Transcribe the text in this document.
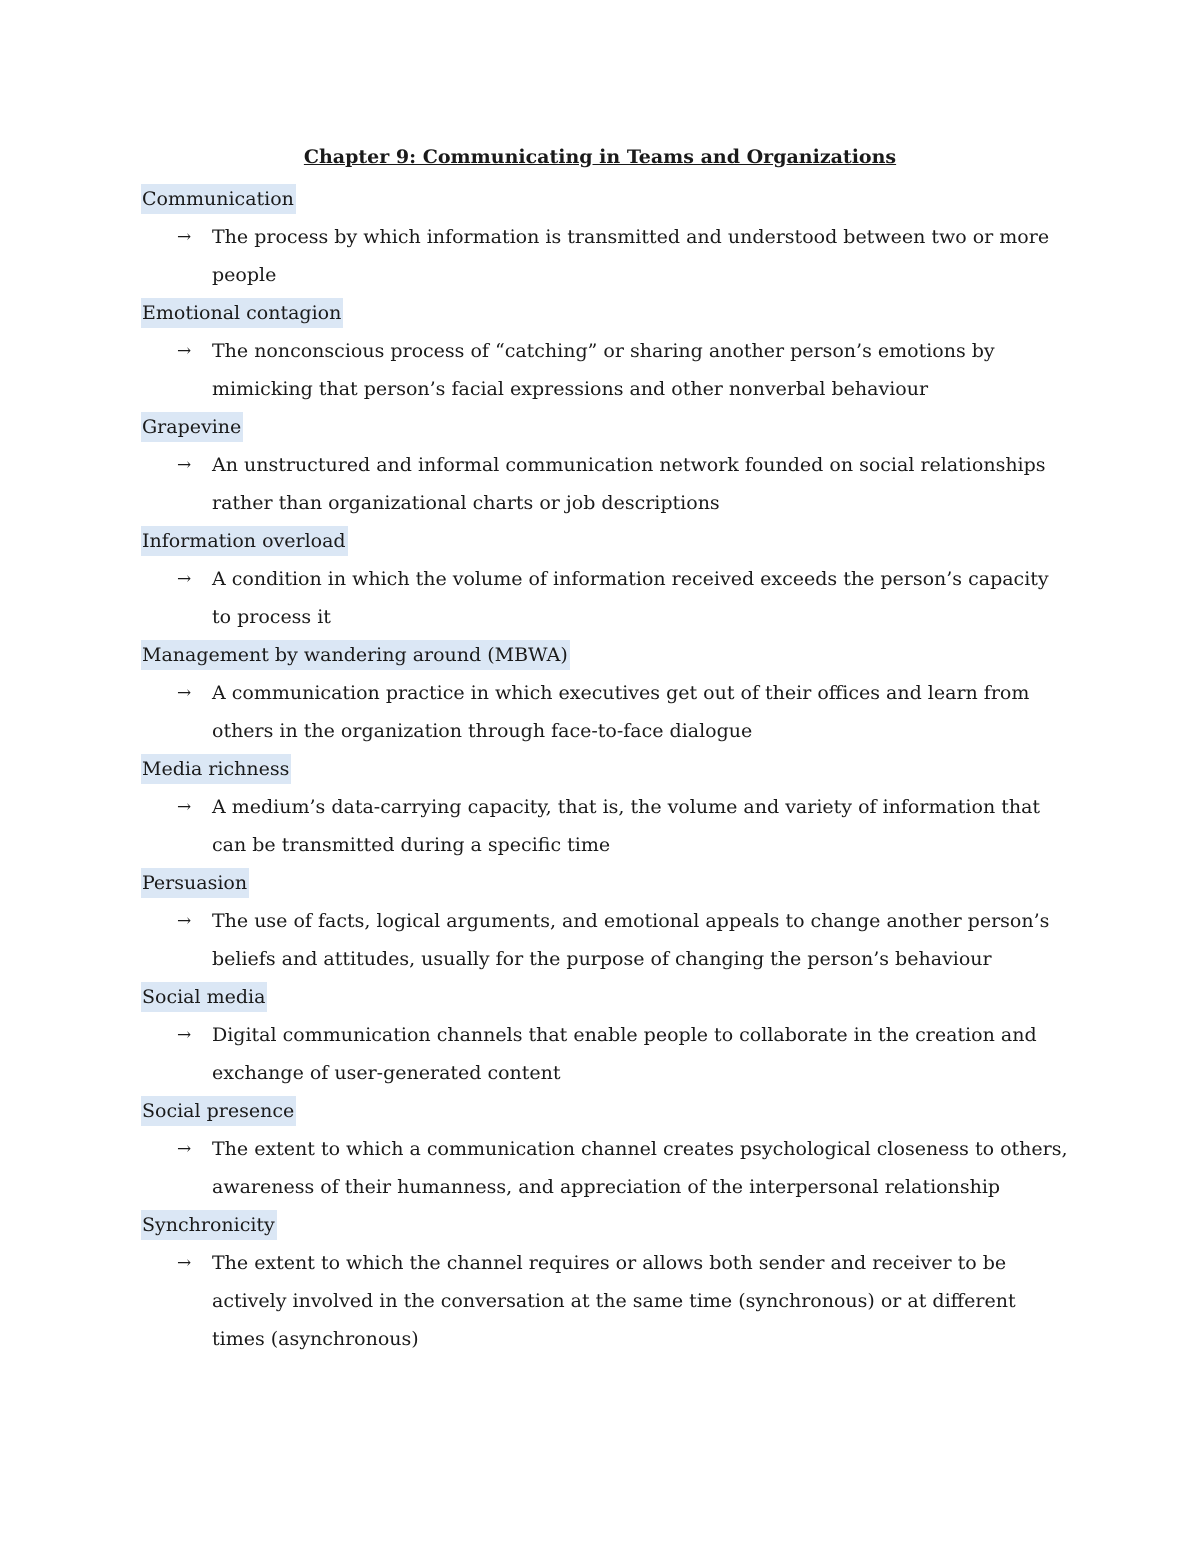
Chapter 9: Communicating in Teams and Organizations
Communication

→ The process by which information is transmitted and understood between two or more people

Emotional contagion

→ The nonconscious process of “catching” or sharing another person’s emotions by mimicking that person’s facial expressions and other nonverbal behaviour

Grapevine

→ An unstructured and informal communication network founded on social relationships rather than organizational charts or job descriptions

Information overload

→ A condition in which the volume of information received exceeds the person’s capacity to process it

Management by wandering around (MBWA)

→ A communication practice in which executives get out of their offices and learn from others in the organization through face-to-face dialogue

Media richness

→ A medium’s data-carrying capacity, that is, the volume and variety of information that can be transmitted during a specific time

Persuasion

→ The use of facts, logical arguments, and emotional appeals to change another person’s beliefs and attitudes, usually for the purpose of changing the person’s behaviour

Social media

→ Digital communication channels that enable people to collaborate in the creation and exchange of user-generated content

Social presence

→ The extent to which a communication channel creates psychological closeness to others, awareness of their humanness, and appreciation of the interpersonal relationship

Synchronicity

→ The extent to which the channel requires or allows both sender and receiver to be actively involved in the conversation at the same time (synchronous) or at different times (asynchronous)
